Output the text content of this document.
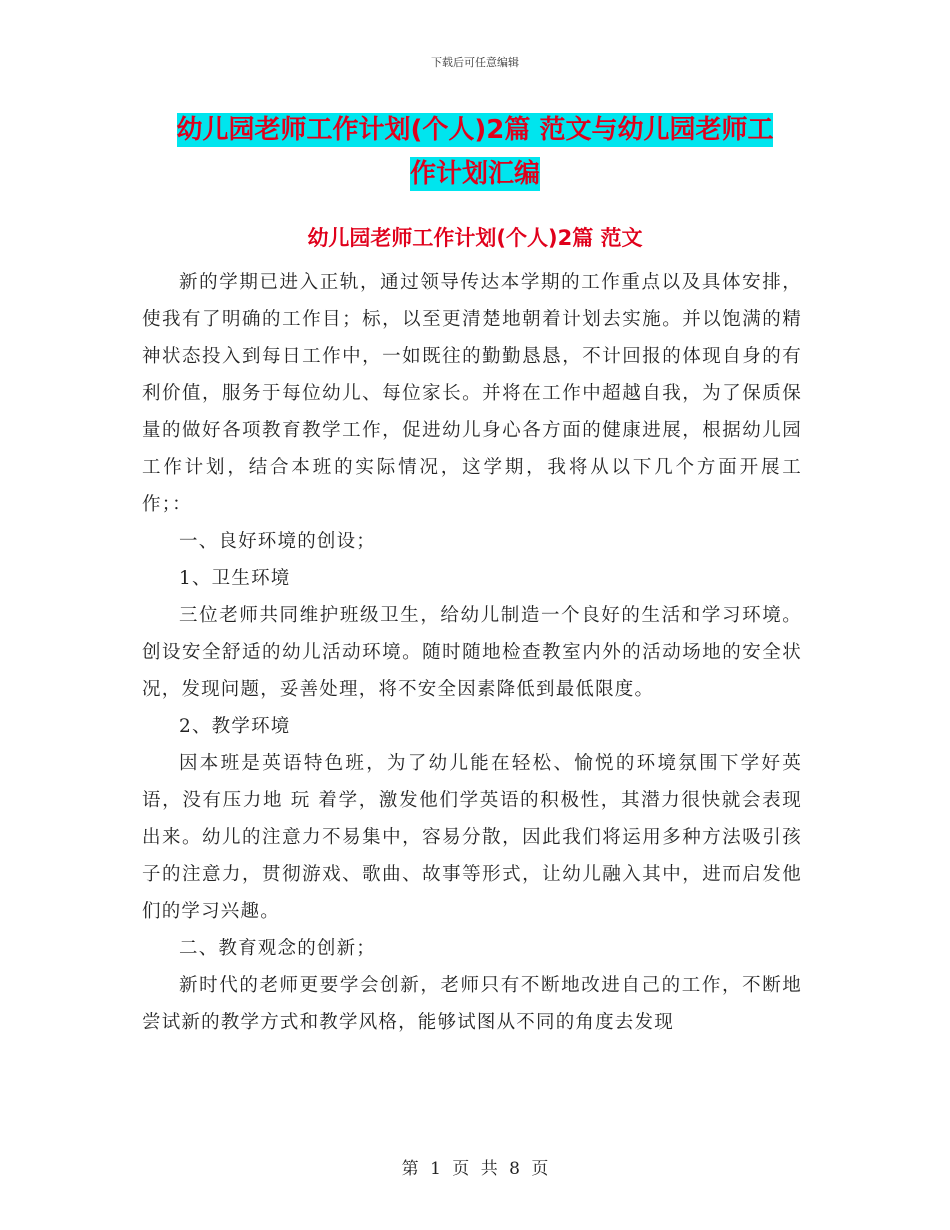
下载后可任意编辑
幼儿园老师工作计划(个人)2篇 范文与幼儿园老师工
作计划汇编
幼儿园老师工作计划(个人)2篇 范文

新的学期已进入正轨，通过领导传达本学期的工作重点以及具体安排，使我有了明确的工作目；标，以至更清楚地朝着计划去实施。并以饱满的精神状态投入到每日工作中，一如既往的勤勤恳恳，不计回报的体现自身的有利价值，服务于每位幼儿、每位家长。并将在工作中超越自我，为了保质保量的做好各项教育教学工作，促进幼儿身心各方面的健康进展，根据幼儿园工作计划，结合本班的实际情况，这学期，我将从以下几个方面开展工作；：

一、良好环境的创设；

1、卫生环境

三位老师共同维护班级卫生，给幼儿制造一个良好的生活和学习环境。创设安全舒适的幼儿活动环境。随时随地检查教室内外的活动场地的安全状况，发现问题，妥善处理，将不安全因素降低到最低限度。

2、教学环境

因本班是英语特色班，为了幼儿能在轻松、愉悦的环境氛围下学好英语，没有压力地 玩 着学，激发他们学英语的积极性，其潜力很快就会表现出来。幼儿的注意力不易集中，容易分散，因此我们将运用多种方法吸引孩子的注意力，贯彻游戏、歌曲、故事等形式，让幼儿融入其中，进而启发他们的学习兴趣。

二、教育观念的创新；

新时代的老师更要学会创新，老师只有不断地改进自己的工作，不断地尝试新的教学方式和教学风格，能够试图从不同的角度去发现

第 1 页 共 8 页
